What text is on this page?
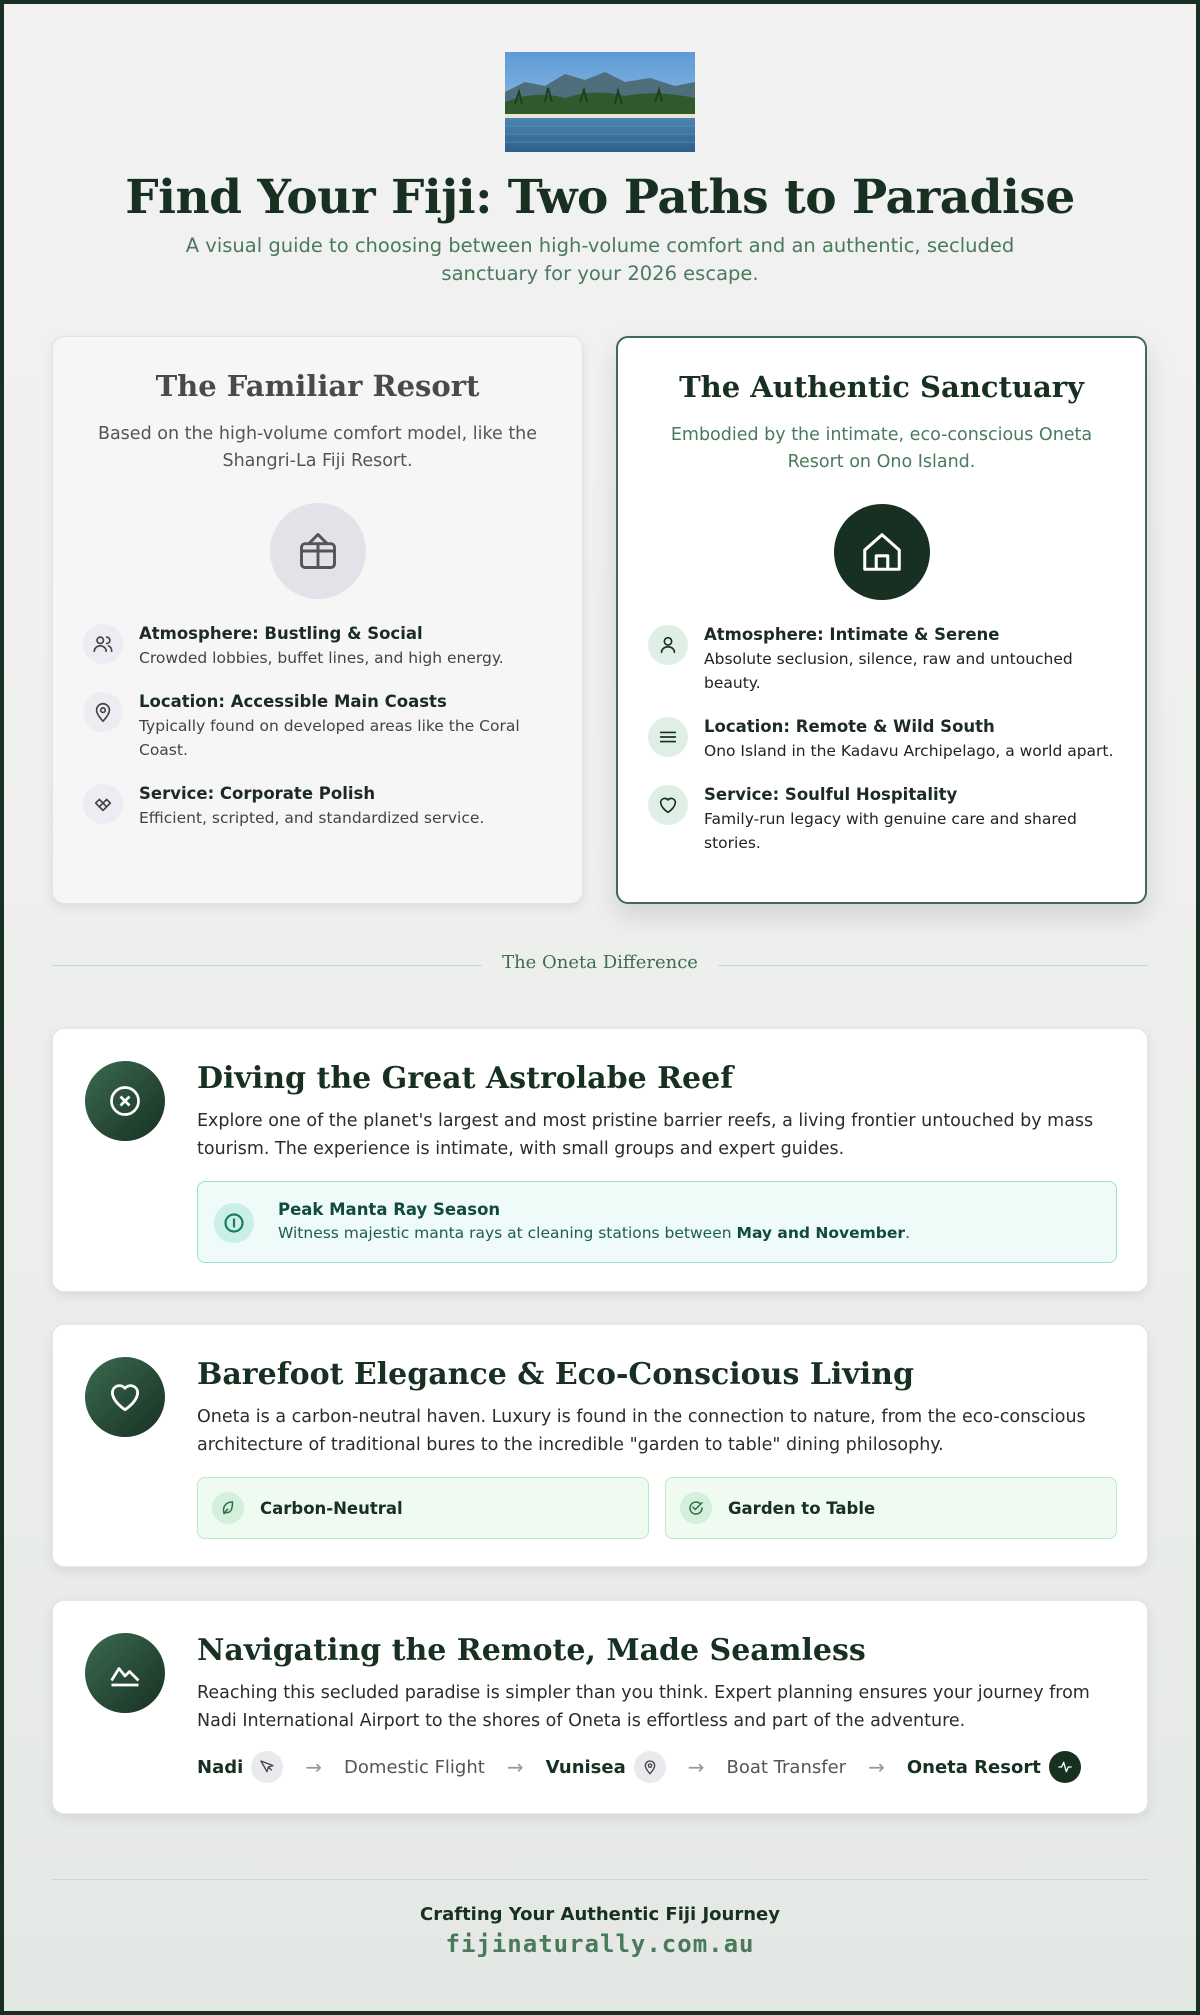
Find Your Fiji: Two Paths to Paradise

A visual guide to choosing between high-volume comfort and an authentic, secluded sanctuary for your 2026 escape.

The Familiar Resort

Based on the high-volume comfort model, like the Shangri-La Fiji Resort.

Atmosphere: Bustling & Social
Crowded lobbies, buffet lines, and high energy.
Location: Accessible Main Coasts
Typically found on developed areas like the Coral Coast.
Service: Corporate Polish
Efficient, scripted, and standardized service.
The Authentic Sanctuary

Embodied by the intimate, eco-conscious Oneta Resort on Ono Island.

Atmosphere: Intimate & Serene
Absolute seclusion, silence, raw and untouched beauty.
Location: Remote & Wild South
Ono Island in the Kadavu Archipelago, a world apart.
Service: Soulful Hospitality
Family-run legacy with genuine care and shared stories.
The Oneta Difference
Diving the Great Astrolabe Reef

Explore one of the planet's largest and most pristine barrier reefs, a living frontier untouched by mass tourism. The experience is intimate, with small groups and expert guides.

Peak Manta Ray Season
Witness majestic manta rays at cleaning stations between May and November.
Barefoot Elegance & Eco-Conscious Living

Oneta is a carbon-neutral haven. Luxury is found in the connection to nature, from the eco-conscious architecture of traditional bures to the incredible "garden to table" dining philosophy.

Carbon-Neutral	Garden to Table
Navigating the Remote, Made Seamless

Reaching this secluded paradise is simpler than you think. Expert planning ensures your journey from Nadi International Airport to the shores of Oneta is effortless and part of the adventure.

Nadi	→ Domestic Flight → Vunisea	→ Boat Transfer → Oneta Resort
Crafting Your Authentic Fiji Journey
fijinaturally.com.au
